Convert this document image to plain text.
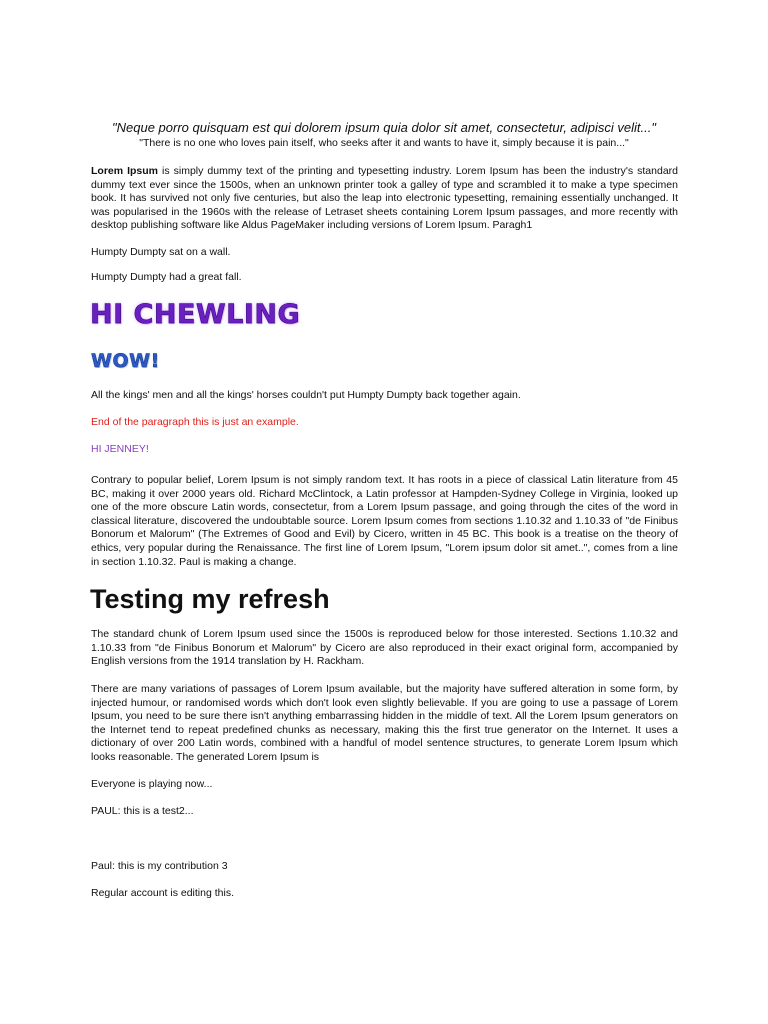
"Neque porro quisquam est qui dolorem ipsum quia dolor sit amet, consectetur, adipisci velit..."
"There is no one who loves pain itself, who seeks after it and wants to have it, simply because it is pain..."

Lorem Ipsum is simply dummy text of the printing and typesetting industry. Lorem Ipsum has been the industry's standard dummy text ever since the 1500s, when an unknown printer took a galley of type and scrambled it to make a type specimen book. It has survived not only five centuries, but also the leap into electronic typesetting, remaining essentially unchanged. It was popularised in the 1960s with the release of Letraset sheets containing Lorem Ipsum passages, and more recently with desktop publishing software like Aldus PageMaker including versions of Lorem Ipsum. Paragh1

Humpty Dumpty sat on a wall.

Humpty Dumpty had a great fall.

HI CHEWLING
WOW!

All the kings' men and all the kings' horses couldn't put Humpty Dumpty back together again.

End of the paragraph this is just an example.

HI JENNEY!

Contrary to popular belief, Lorem Ipsum is not simply random text. It has roots in a piece of classical Latin literature from 45 BC, making it over 2000 years old. Richard McClintock, a Latin professor at Hampden-Sydney College in Virginia, looked up one of the more obscure Latin words, consectetur, from a Lorem Ipsum passage, and going through the cites of the word in classical literature, discovered the undoubtable source. Lorem Ipsum comes from sections 1.10.32 and 1.10.33 of "de Finibus Bonorum et Malorum" (The Extremes of Good and Evil) by Cicero, written in 45 BC. This book is a treatise on the theory of ethics, very popular during the Renaissance. The first line of Lorem Ipsum, "Lorem ipsum dolor sit amet..", comes from a line in section 1.10.32. Paul is making a change.

Testing my refresh

The standard chunk of Lorem Ipsum used since the 1500s is reproduced below for those interested. Sections 1.10.32 and 1.10.33 from "de Finibus Bonorum et Malorum" by Cicero are also reproduced in their exact original form, accompanied by English versions from the 1914 translation by H. Rackham.

There are many variations of passages of Lorem Ipsum available, but the majority have suffered alteration in some form, by injected humour, or randomised words which don't look even slightly believable. If you are going to use a passage of Lorem Ipsum, you need to be sure there isn't anything embarrassing hidden in the middle of text. All the Lorem Ipsum generators on the Internet tend to repeat predefined chunks as necessary, making this the first true generator on the Internet. It uses a dictionary of over 200 Latin words, combined with a handful of model sentence structures, to generate Lorem Ipsum which looks reasonable. The generated Lorem Ipsum is

Everyone is playing now...

PAUL: this is a test2...

Paul: this is my contribution 3

Regular account is editing this.
